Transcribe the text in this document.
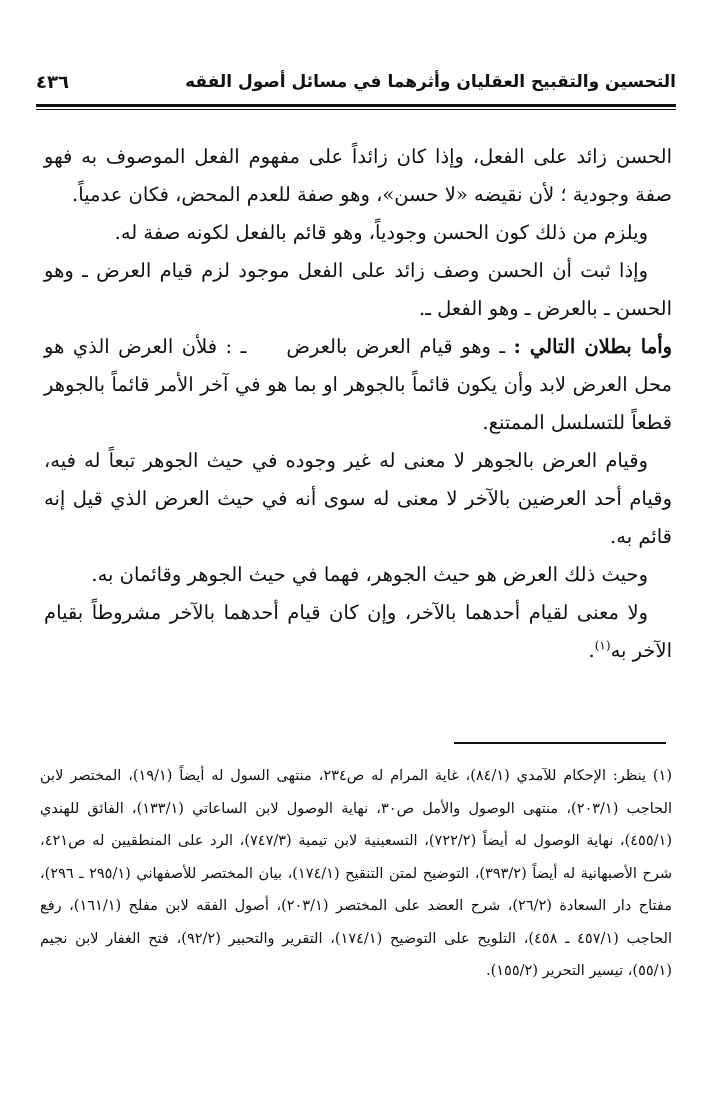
التحسين والتقبيح العقليان وأثرهما في مسائل أصول الفقه
٤٣٦

الحسن زائد على الفعل، وإذا كان زائداً على مفهوم الفعل الموصوف به فهو صفة وجودية ؛ لأن نقيضه «لا حسن»، وهو صفة للعدم المحض، فكان عدمياً.

ويلزم من ذلك كون الحسن وجودياً، وهو قائم بالفعل لكونه صفة له.

وإذا ثبت أن الحسن وصف زائد على الفعل موجود لزم قيام العرض ـ وهو الحسن ـ بالعرض ـ وهو الفعل ـ.

وأما بطلان التالي : ـ وهو قيام العرض بالعرضـ : فلأن العرض الذي هو محل العرض لابد وأن يكون قائماً بالجوهر او بما هو في آخر الأمر قائماً بالجوهر قطعاً للتسلسل الممتنع.

وقيام العرض بالجوهر لا معنى له غير وجوده في حيث الجوهر تبعاً له فيه، وقيام أحد العرضين بالآخر لا معنى له سوى أنه في حيث العرض الذي قيل إنه قائم به.

وحيث ذلك العرض هو حيث الجوهر، فهما في حيث الجوهر وقائمان به.

ولا معنى لقيام أحدهما بالآخر، وإن كان قيام أحدهما بالآخر مشروطاً بقيام الآخر به$^{(١)}$.

(١) ينظر: الإحكام للآمدي (٨٤/١)، غاية المرام له ص٢٣٤، منتهى السول له أيضاً (١٩/١)، المختصر لابن الحاجب (٢٠٣/١)، منتهى الوصول والأمل ص٣٠، نهاية الوصول لابن الساعاتي (١٣٣/١)، الفائق للهندي (٤٥٥/١)، نهاية الوصول له أيضاً (٧٢٢/٢)، التسعينية لابن تيمية (٧٤٧/٣)، الرد على المنطقيين له ص٤٢١، شرح الأصبهانية له أيضاً (٣٩٣/٢)، التوضيح لمتن التنقيح (١٧٤/١)، بيان المختصر للأصفهاني (٢٩٥/١ ـ ٢٩٦)، مفتاح دار السعادة (٢٦/٢)، شرح العضد على المختصر (٢٠٣/١)، أصول الفقه لابن مفلح (١٦١/١)، رفع الحاجب (٤٥٧/١ ـ ٤٥٨)، التلويح على التوضيح (١٧٤/١)، التقرير والتحبير (٩٢/٢)، فتح الغفار لابن نجيم (٥٥/١)، تيسير التحرير (١٥٥/٢).
